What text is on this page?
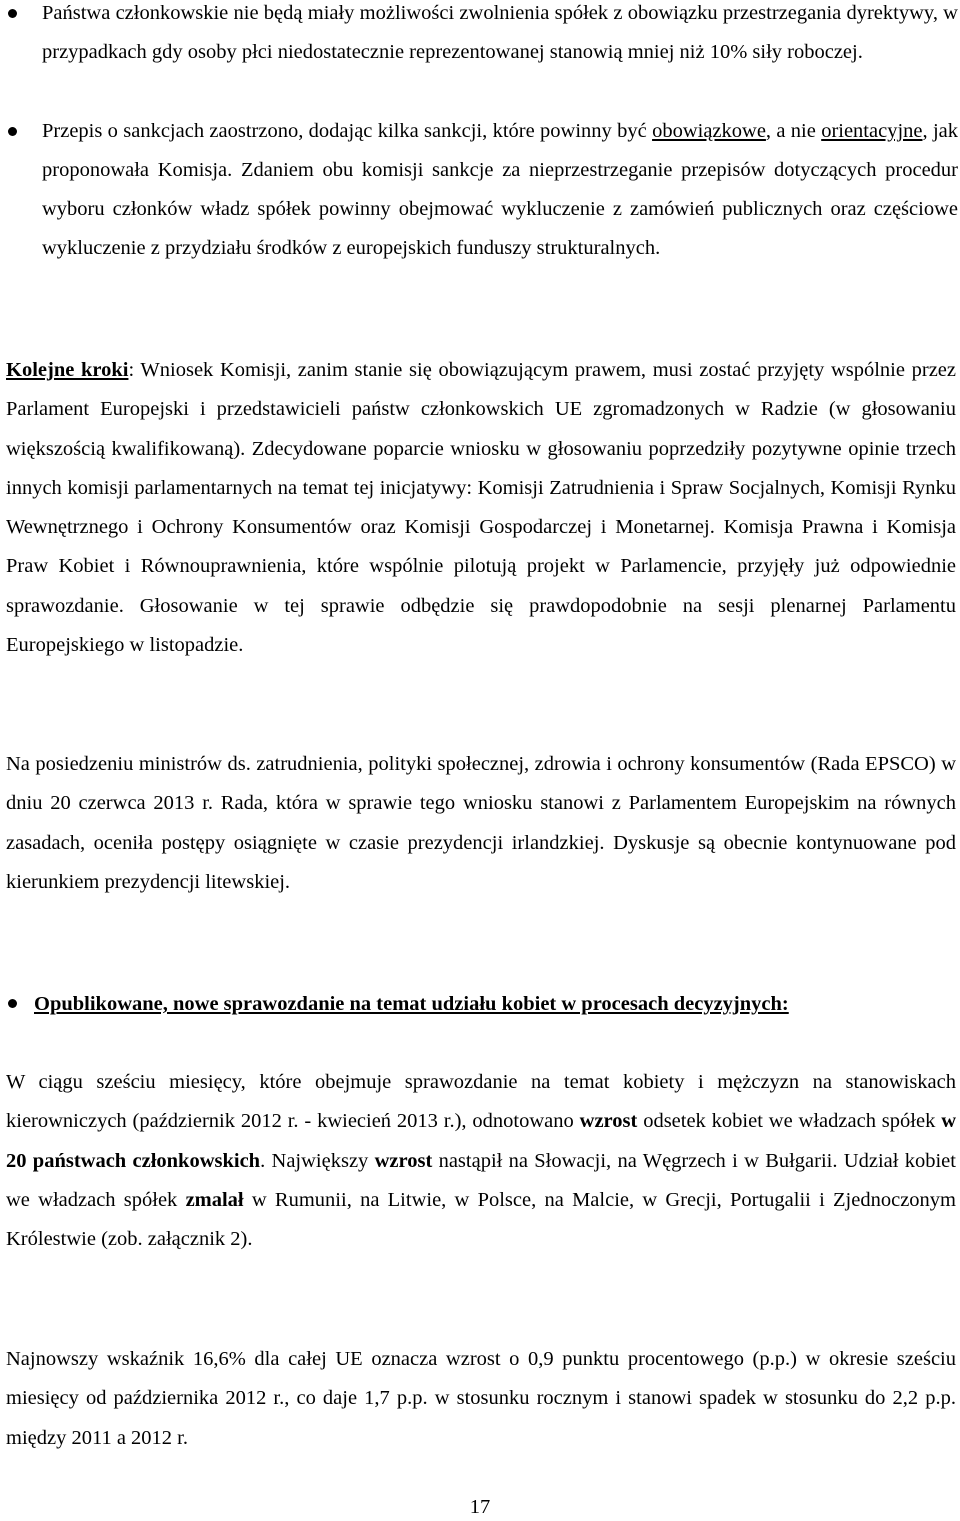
Państwa członkowskie nie będą miały możliwości zwolnienia spółek z obowiązku przestrzegania dyrektywy, w przypadkach gdy osoby płci niedostatecznie reprezentowanej stanowią mniej niż 10% siły roboczej.
Przepis o sankcjach zaostrzono, dodając kilka sankcji, które powinny być obowiązkowe, a nie orientacyjne, jak proponowała Komisja. Zdaniem obu komisji sankcje za nieprzestrzeganie przepisów dotyczących procedur wyboru członków władz spółek powinny obejmować wykluczenie z zamówień publicznych oraz częściowe wykluczenie z przydziału środków z europejskich funduszy strukturalnych.
Kolejne kroki: Wniosek Komisji, zanim stanie się obowiązującym prawem, musi zostać przyjęty wspólnie przez Parlament Europejski i przedstawicieli państw członkowskich UE zgromadzonych w Radzie (w głosowaniu większością kwalifikowaną). Zdecydowane poparcie wniosku w głosowaniu poprzedziły pozytywne opinie trzech innych komisji parlamentarnych na temat tej inicjatywy: Komisji Zatrudnienia i Spraw Socjalnych, Komisji Rynku Wewnętrznego i Ochrony Konsumentów oraz Komisji Gospodarczej i Monetarnej. Komisja Prawna i Komisja Praw Kobiet i Równouprawnienia, które wspólnie pilotują projekt w Parlamencie, przyjęły już odpowiednie sprawozdanie. Głosowanie w tej sprawie odbędzie się prawdopodobnie na sesji plenarnej Parlamentu Europejskiego w listopadzie.
Na posiedzeniu ministrów ds. zatrudnienia, polityki społecznej, zdrowia i ochrony konsumentów (Rada EPSCO) w dniu 20 czerwca 2013 r. Rada, która w sprawie tego wniosku stanowi z Parlamentem Europejskim na równych zasadach, oceniła postępy osiągnięte w czasie prezydencji irlandzkiej. Dyskusje są obecnie kontynuowane pod kierunkiem prezydencji litewskiej.
Opublikowane, nowe sprawozdanie na temat udziału kobiet w procesach decyzyjnych:
W ciągu sześciu miesięcy, które obejmuje sprawozdanie na temat kobiety i mężczyzn na stanowiskach kierowniczych (październik 2012 r. - kwiecień 2013 r.), odnotowano wzrost odsetek kobiet we władzach spółek w 20 państwach członkowskich. Największy wzrost nastąpił na Słowacji, na Węgrzech i w Bułgarii. Udział kobiet we władzach spółek zmalał w Rumunii, na Litwie, w Polsce, na Malcie, w Grecji, Portugalii i Zjednoczonym Królestwie (zob. załącznik 2).
Najnowszy wskaźnik 16,6% dla całej UE oznacza wzrost o 0,9 punktu procentowego (p.p.) w okresie sześciu miesięcy od października 2012 r., co daje 1,7 p.p. w stosunku rocznym i stanowi spadek w stosunku do 2,2 p.p. między 2011 a 2012 r.
17
